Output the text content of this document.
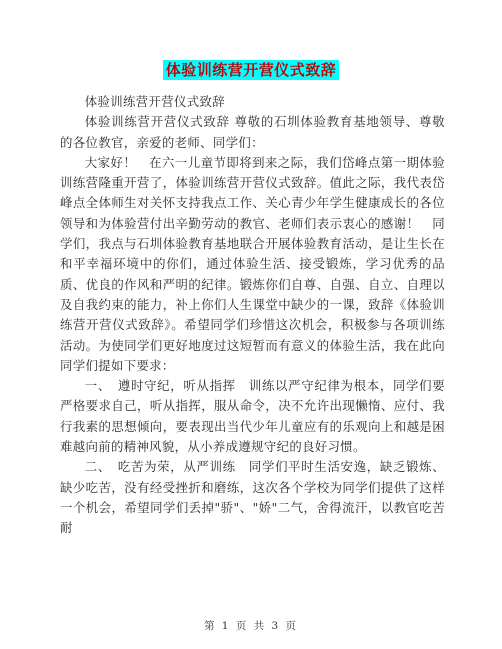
体验训练营开营仪式致辞

体验训练营开营仪式致辞

体验训练营开营仪式致辞 尊敬的石圳体验教育基地领导、尊敬的各位教官，亲爱的老师、同学们：

大家好！　在六一儿童节即将到来之际，我们岱峰点第一期体验训练营隆重开营了，体验训练营开营仪式致辞。值此之际，我代表岱峰点全体师生对关怀支持我点工作、关心青少年学生健康成长的各位领导和为体验营付出辛勤劳动的教官、老师们表示衷心的感谢！　同学们，我点与石圳体验教育基地联合开展体验教育活动，是让生长在和平幸福环境中的你们，通过体验生活、接受锻炼，学习优秀的品质、优良的作风和严明的纪律。锻炼你们自尊、自强、自立、自理以及自我约束的能力，补上你们人生课堂中缺少的一课，致辞《体验训练营开营仪式致辞》。希望同学们珍惜这次机会，积极参与各项训练活动。为使同学们更好地度过这短暂而有意义的体验生活，我在此向同学们提如下要求：

一、　遵时守纪，听从指挥　训练以严守纪律为根本，同学们要严格要求自己，听从指挥，服从命令，决不允许出现懒惰、应付、我行我素的思想倾向，要表现出当代少年儿童应有的乐观向上和越是困难越向前的精神风貌，从小养成遵规守纪的良好习惯。

二、　吃苦为荣，从严训练　同学们平时生活安逸，缺乏锻炼、缺少吃苦，没有经受挫折和磨练，这次各个学校为同学们提供了这样一个机会，希望同学们丢掉"骄"、"娇"二气，舍得流汗，以教官吃苦耐

第 1 页 共 3 页
